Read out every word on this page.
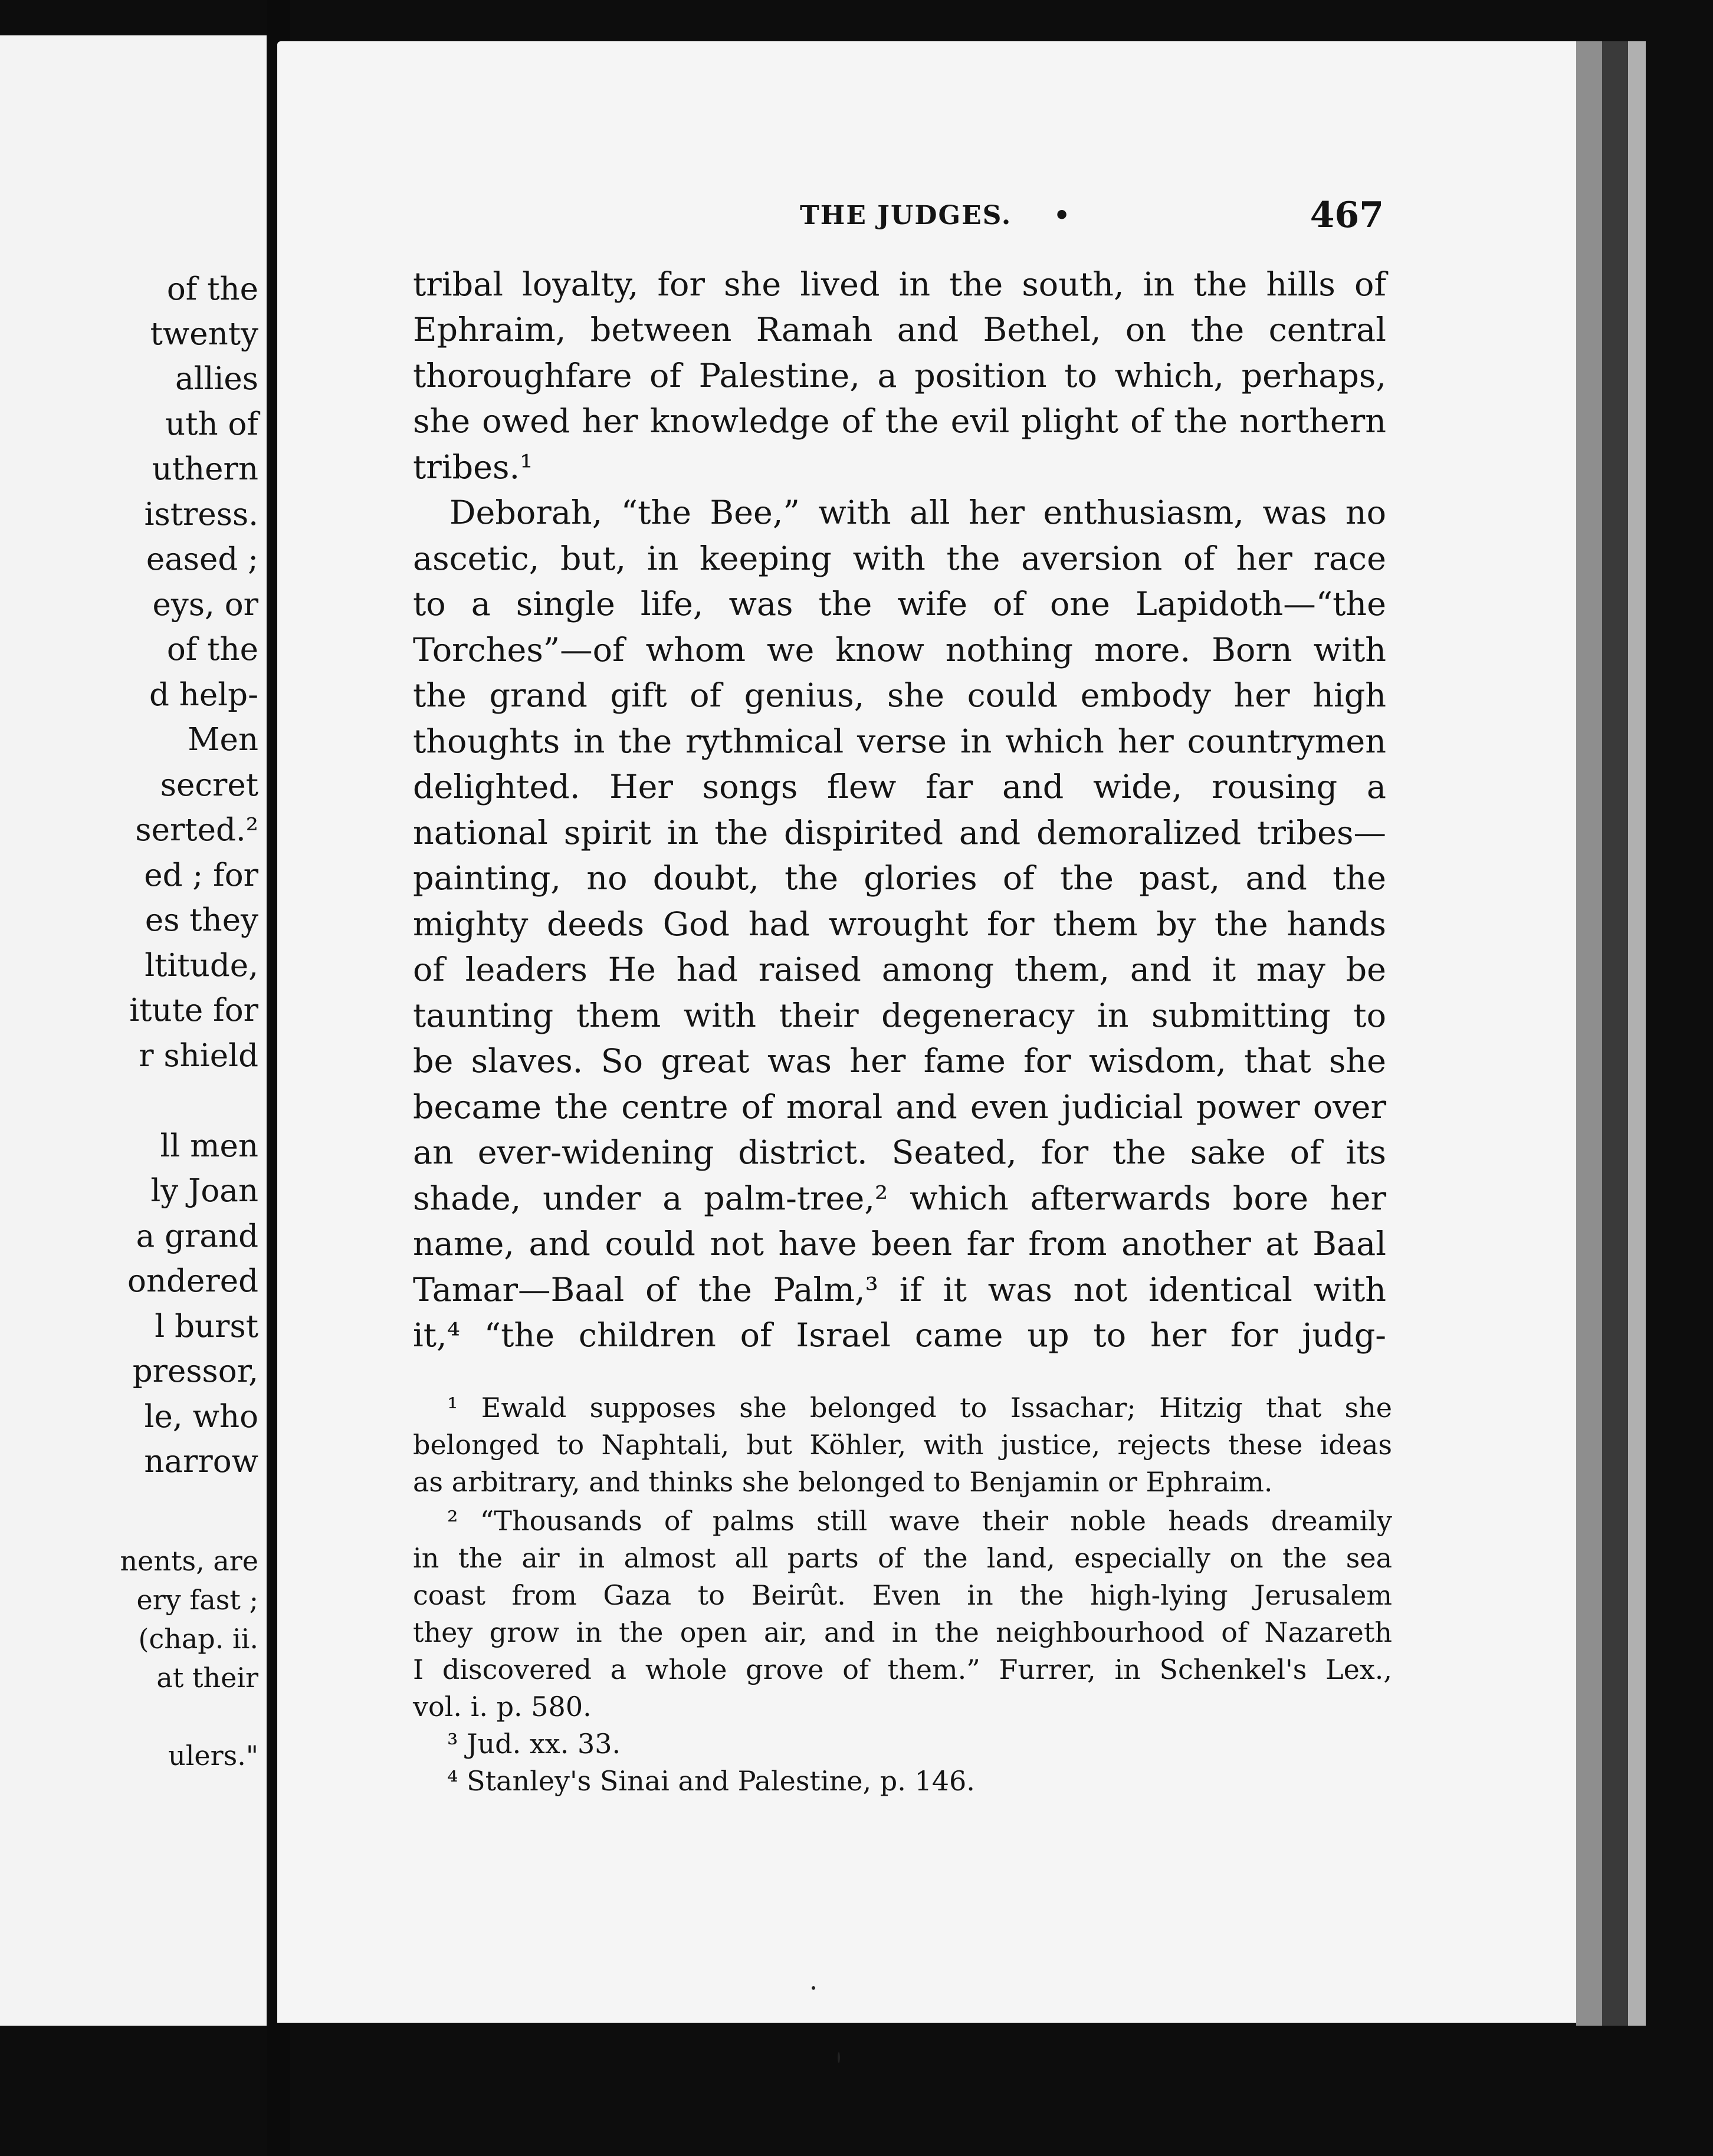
of the
twenty
allies
uth of
uthern
istress.
eased ;
eys, or
of the
d help-
Men
secret
serted.²
ed ; for
es they
ltitude,
itute for
r shield
ll men
ly Joan
a grand
ondered
l burst
pressor,
le, who
narrow
nents, are
ery fast ;
(chap. ii.
at their
ulers."
THE JUDGES. •	467
tribal loyalty, for she lived in the south, in the hills of
Ephraim, between Ramah and Bethel, on the central
thoroughfare of Palestine, a position to which, perhaps,
she owed her knowledge of the evil plight of the northern
tribes.¹
Deborah, “the Bee,” with all her enthusiasm, was no
ascetic, but, in keeping with the aversion of her race
to a single life, was the wife of one Lapidoth—“the
Torches”—of whom we know nothing more. Born with
the grand gift of genius, she could embody her high
thoughts in the rythmical verse in which her countrymen
delighted. Her songs flew far and wide, rousing a
national spirit in the dispirited and demoralized tribes—
painting, no doubt, the glories of the past, and the
mighty deeds God had wrought for them by the hands
of leaders He had raised among them, and it may be
taunting them with their degeneracy in submitting to
be slaves. So great was her fame for wisdom, that she
became the centre of moral and even judicial power over
an ever-widening district. Seated, for the sake of its
shade, under a palm-tree,² which afterwards bore her
name, and could not have been far from another at Baal
Tamar—Baal of the Palm,³ if it was not identical with
it,⁴ “the children of Israel came up to her for judg-
¹ Ewald supposes she belonged to Issachar; Hitzig that she
belonged to Naphtali, but Köhler, with justice, rejects these ideas
as arbitrary, and thinks she belonged to Benjamin or Ephraim.
² “Thousands of palms still wave their noble heads dreamily
in the air in almost all parts of the land, especially on the sea
coast from Gaza to Beirût. Even in the high-lying Jerusalem
they grow in the open air, and in the neighbourhood of Nazareth
I discovered a whole grove of them.” Furrer, in Schenkel's Lex.,
vol. i. p. 580.
³ Jud. xx. 33.
⁴ Stanley's Sinai and Palestine, p. 146.
